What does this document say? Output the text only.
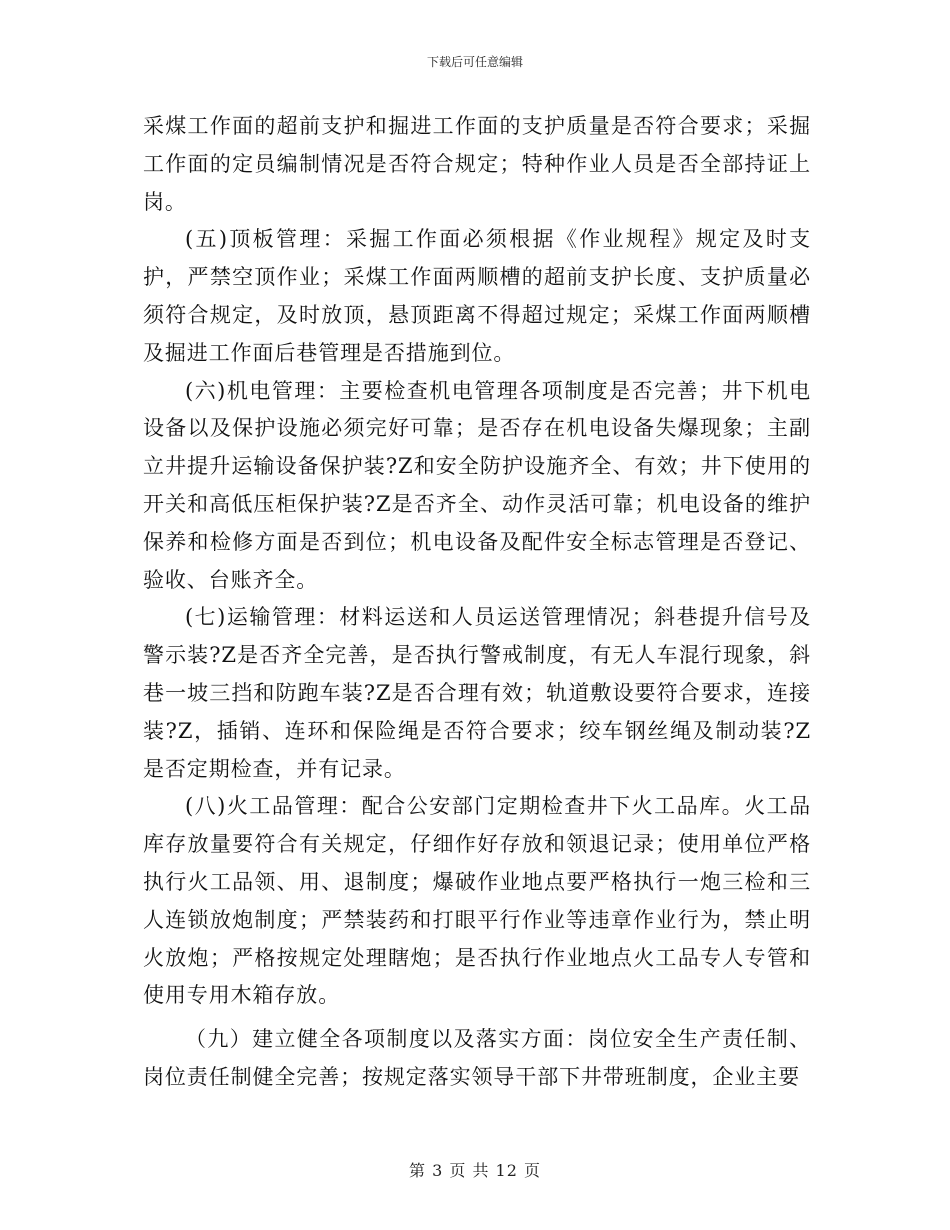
下载后可任意编辑

采煤工作面的超前支护和掘进工作面的支护质量是否符合要求；采掘工作面的定员编制情况是否符合规定；特种作业人员是否全部持证上岗。

(五)顶板管理：采掘工作面必须根据《作业规程》规定及时支护，严禁空顶作业；采煤工作面两顺槽的超前支护长度、支护质量必须符合规定，及时放顶，悬顶距离不得超过规定；采煤工作面两顺槽及掘进工作面后巷管理是否措施到位。

(六)机电管理：主要检查机电管理各项制度是否完善；井下机电设备以及保护设施必须完好可靠；是否存在机电设备失爆现象；主副立井提升运输设备保护装?Z和安全防护设施齐全、有效；井下使用的开关和高低压柜保护装?Z是否齐全、动作灵活可靠；机电设备的维护保养和检修方面是否到位；机电设备及配件安全标志管理是否登记、验收、台账齐全。

(七)运输管理：材料运送和人员运送管理情况；斜巷提升信号及警示装?Z是否齐全完善，是否执行警戒制度，有无人车混行现象，斜巷一坡三挡和防跑车装?Z是否合理有效；轨道敷设要符合要求，连接装?Z，插销、连环和保险绳是否符合要求；绞车钢丝绳及制动装?Z是否定期检查，并有记录。

(八)火工品管理：配合公安部门定期检查井下火工品库。火工品库存放量要符合有关规定，仔细作好存放和领退记录；使用单位严格执行火工品领、用、退制度；爆破作业地点要严格执行一炮三检和三人连锁放炮制度；严禁装药和打眼平行作业等违章作业行为，禁止明火放炮；严格按规定处理瞎炮；是否执行作业地点火工品专人专管和使用专用木箱存放。

（九）建立健全各项制度以及落实方面：岗位安全生产责任制、岗位责任制健全完善；按规定落实领导干部下井带班制度，企业主要

第 3 页 共 12 页
